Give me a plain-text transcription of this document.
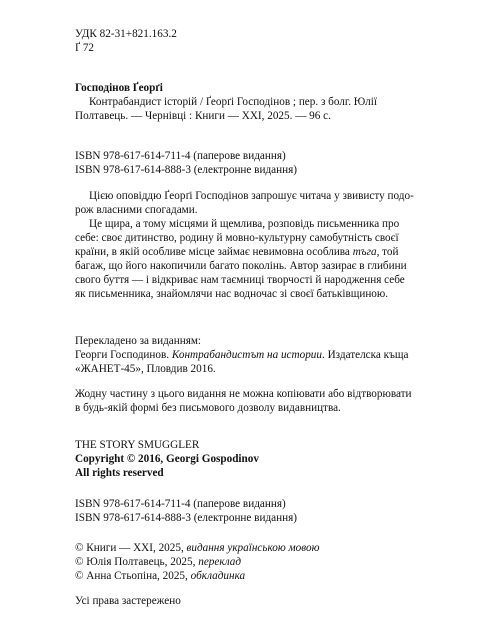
УДК 82-31+821.163.2
Ґ 72
Господінов Ґеорґі
Контрабандист історій / Ґеорґі Господінов ; пер. з болг. Юлії
Полтавець. — Чернівці : Книги — ХХІ, 2025. — 96 с.
ISBN 978-617-614-711-4 (паперове видання)
ISBN 978-617-614-888-3 (електронне видання)
Цією оповіддю Ґеорґі Господінов запрошує читача у звивисту подо-
рож власними спогадами.
Це щира, а тому місцями й щемлива, розповідь письменника про
себе: своє дитинство, родину й мовно-культурну самобутність своєї
країни, в якій особливе місце займає невимовна особлива тъга, той
багаж, що його накопичили багато поколінь. Автор зазирає в глибини
свого буття — і відкриває нам таємниці творчості й народження себе
як письменника, знайомлячи нас водночас зі своєї батьківщиною.
Перекладено за виданням:
Георги Господинов. Контрабандистът на истории. Издателска къща
«ЖАНЕТ-45», Пловдив 2016.
Жодну частину з цього видання не можна копіювати або відтворювати
в будь-якій формі без письмового дозволу видавництва.
THE STORY SMUGGLER
Copyright © 2016, Georgi Gospodinov
All rights reserved
ISBN 978-617-614-711-4 (паперове видання)
ISBN 978-617-614-888-3 (електронне видання)
© Книги — XXI, 2025, видання українською мовою
© Юлія Полтавець, 2025, переклад
© Анна Стьопіна, 2025, обкладинка
Усі права застережено
